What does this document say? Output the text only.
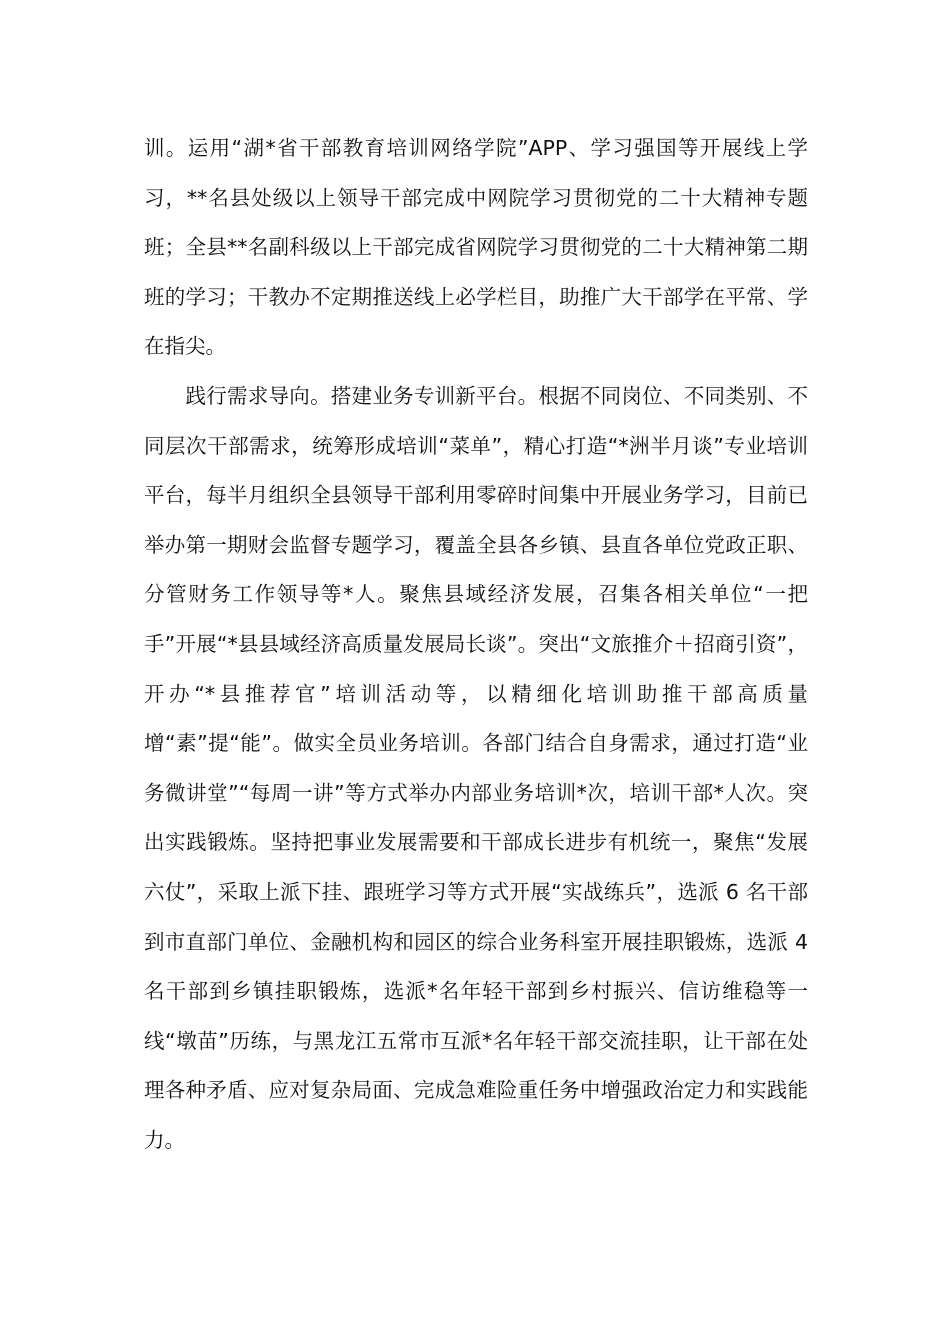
训。运用“湖*省干部教育培训网络学院”APP、学习强国等开展线上学习，**名县处级以上领导干部完成中网院学习贯彻党的二十大精神专题班；全县**名副科级以上干部完成省网院学习贯彻党的二十大精神第二期班的学习；干教办不定期推送线上必学栏目，助推广大干部学在平常、学在指尖。

　　践行需求导向。搭建业务专训新平台。根据不同岗位、不同类别、不同层次干部需求，统筹形成培训“菜单”，精心打造“*洲半月谈”专业培训平台，每半月组织全县领导干部利用零碎时间集中开展业务学习，目前已举办第一期财会监督专题学习，覆盖全县各乡镇、县直各单位党政正职、分管财务工作领导等*人。聚焦县域经济发展，召集各相关单位“一把手”开展“*县县域经济高质量发展局长谈”。突出“文旅推介＋招商引资”，开办“*县推荐官”培训活动等，以精细化培训助推干部高质量增“素”提“能”。做实全员业务培训。各部门结合自身需求，通过打造“业务微讲堂”“每周一讲”等方式举办内部业务培训*次，培训干部*人次。突出实践锻炼。坚持把事业发展需要和干部成长进步有机统一，聚焦“发展六仗”，采取上派下挂、跟班学习等方式开展“实战练兵”，选派 6 名干部到市直部门单位、金融机构和园区的综合业务科室开展挂职锻炼，选派 4 名干部到乡镇挂职锻炼，选派*名年轻干部到乡村振兴、信访维稳等一线“墩苗”历练，与黑龙江五常市互派*名年轻干部交流挂职，让干部在处理各种矛盾、应对复杂局面、完成急难险重任务中增强政治定力和实践能力。
